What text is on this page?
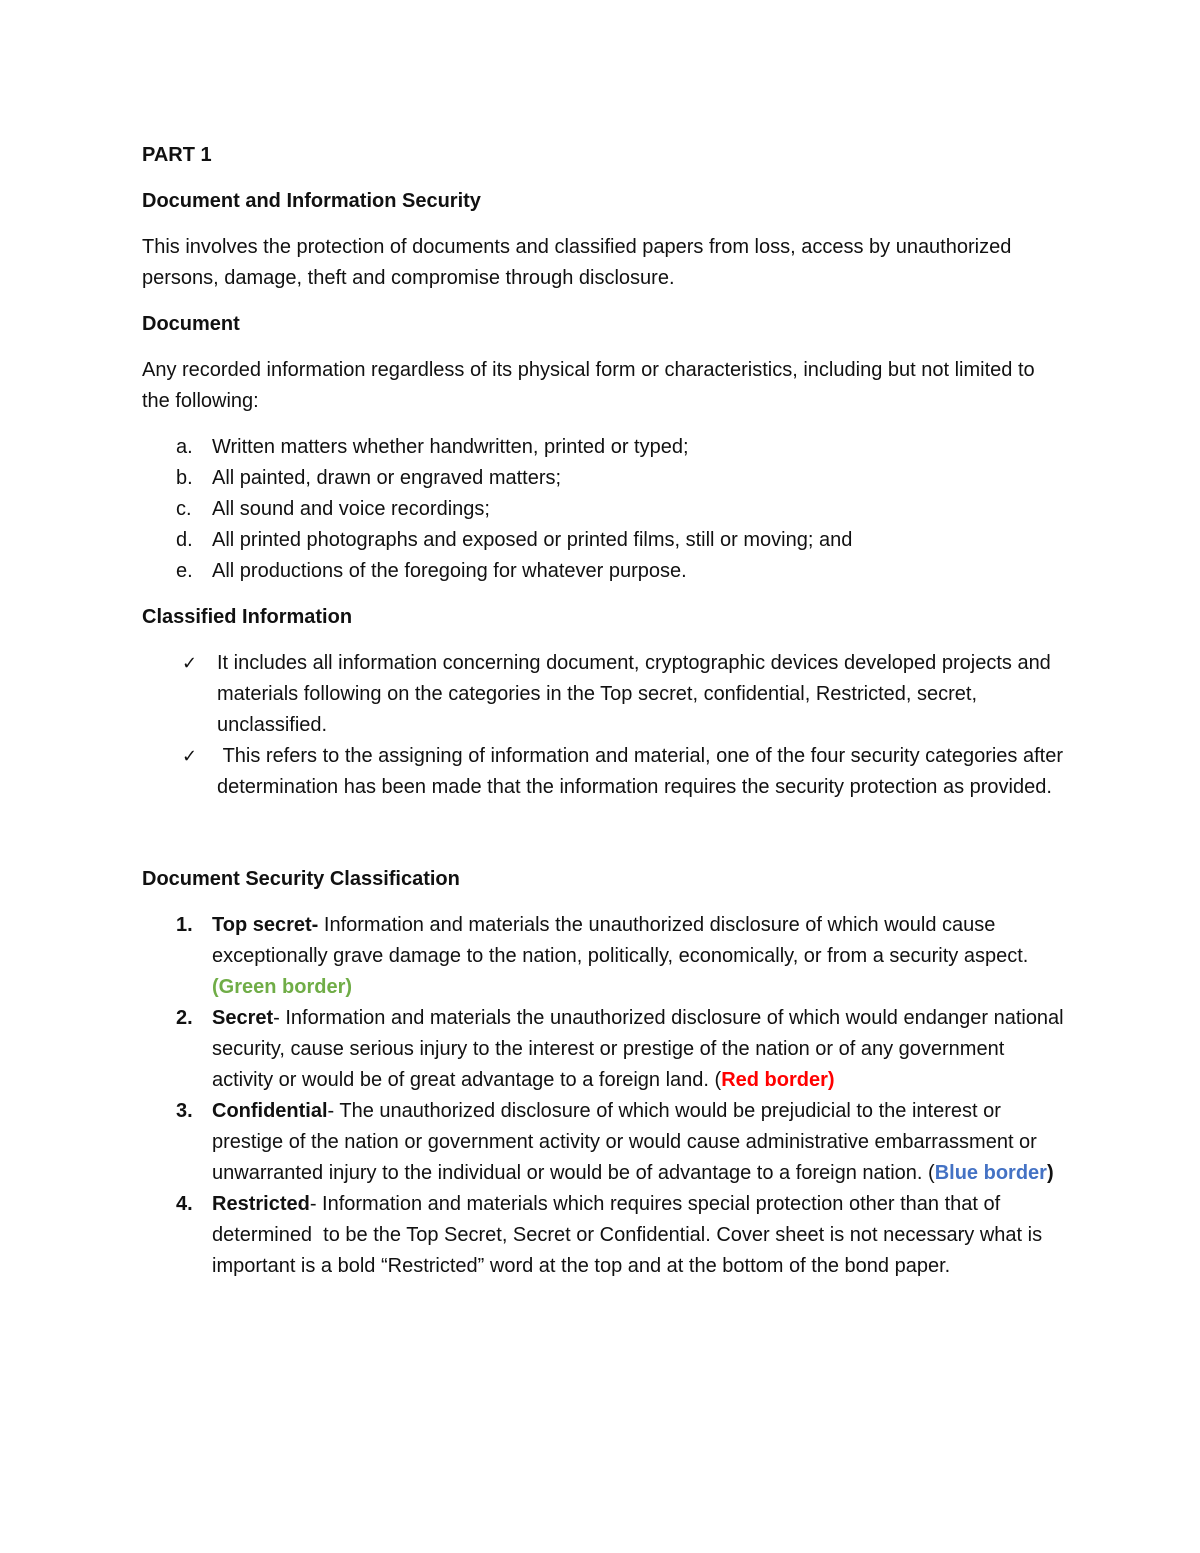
PART 1
Document and Information Security

This involves the protection of documents and classified papers from loss, access by unauthorized persons, damage, theft and compromise through disclosure.

Document

Any recorded information regardless of its physical form or characteristics, including but not limited to the following:

a. Written matters whether handwritten, printed or typed;
b. All painted, drawn or engraved matters;
c. All sound and voice recordings;
d. All printed photographs and exposed or printed films, still or moving; and
e. All productions of the foregoing for whatever purpose.
Classified Information
✓ It includes all information concerning document, cryptographic devices developed projects and materials following on the categories in the Top secret, confidential, Restricted, secret, unclassified.
✓ This refers to the assigning of information and material, one of the four security categories after determination has been made that the information requires the security protection as provided.
Document Security Classification
1. Top secret- Information and materials the unauthorized disclosure of which would cause exceptionally grave damage to the nation, politically, economically, or from a security aspect. (Green border)
2. Secret- Information and materials the unauthorized disclosure of which would endanger national security, cause serious injury to the interest or prestige of the nation or of any government  activity or would be of great advantage to a foreign land. (Red border)
3. Confidential- The unauthorized disclosure of which would be prejudicial to the interest or prestige of the nation or government activity or would cause administrative embarrassment or unwarranted injury to the individual or would be of advantage to a foreign nation. (Blue border)
4. Restricted- Information and materials which requires special protection other than that of determined  to be the Top Secret, Secret or Confidential. Cover sheet is not necessary what is important is a bold “Restricted” word at the top and at the bottom of the bond paper.
